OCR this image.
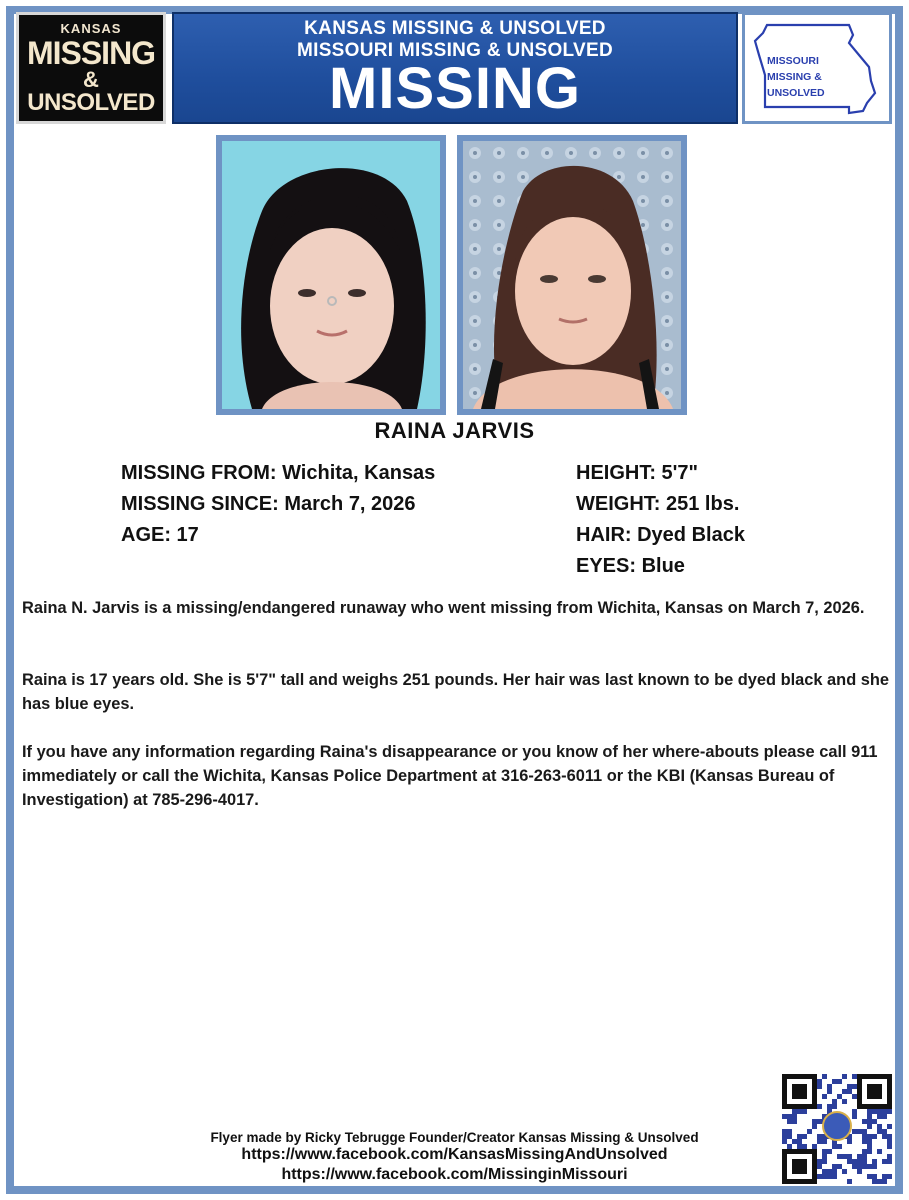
KANSAS
MISSING
&
UNSOLVED
KANSAS MISSING & UNSOLVED
MISSOURI MISSING & UNSOLVED
MISSING	MISSOURI
MISSING &
UNSOLVED
RAINA JARVIS
MISSING FROM: Wichita, Kansas
MISSING SINCE: March 7, 2026
AGE: 17
HEIGHT: 5'7"
WEIGHT: 251 lbs.
HAIR: Dyed Black
EYES: Blue
Raina N. Jarvis is a missing/endangered runaway who went missing from Wichita, Kansas on March 7, 2026.
Raina is 17 years old. She is 5'7" tall and weighs 251 pounds. Her hair was last known to be dyed black and she has blue eyes.
If you have any information regarding Raina's disappearance or you know of her where-abouts please call 911 immediately or call the Wichita, Kansas Police Department at 316-263-6011 or the KBI (Kansas Bureau of Investigation) at 785-296-4017.
Flyer made by Ricky Tebrugge Founder/Creator Kansas Missing & Unsolved
https://www.facebook.com/KansasMissingAndUnsolved
https://www.facebook.com/MissinginMissouri
